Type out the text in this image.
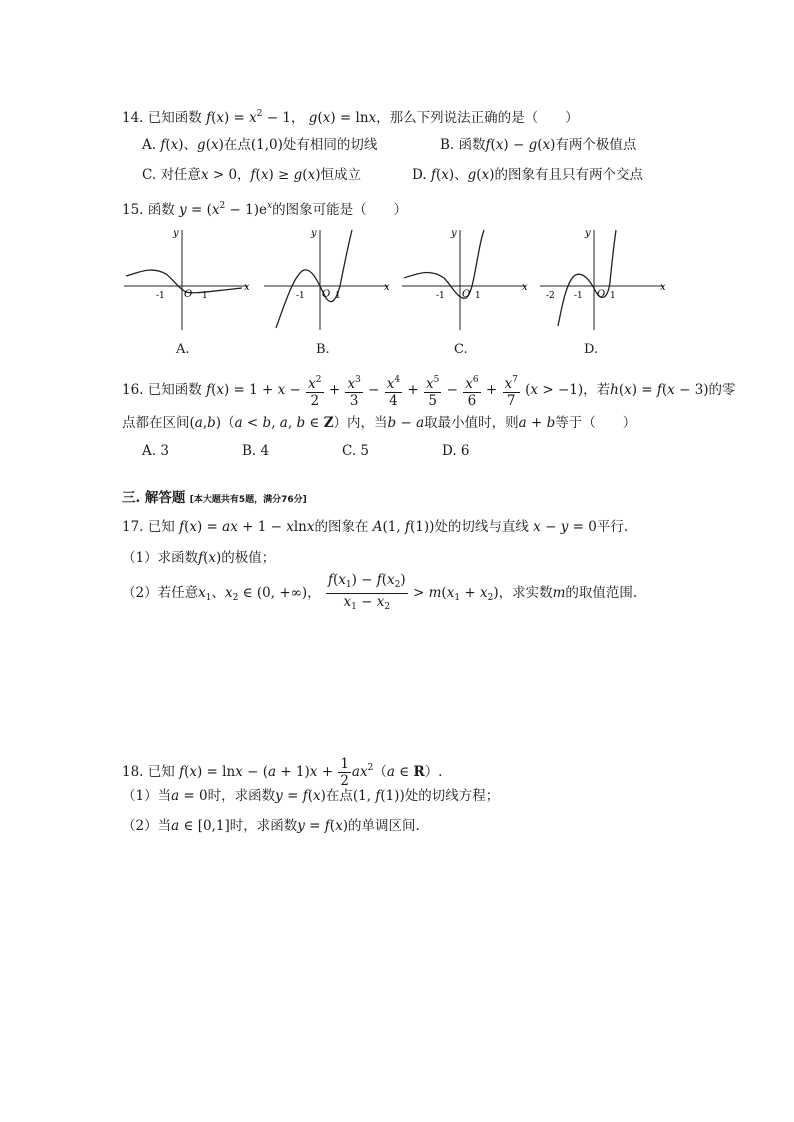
14. 已知函数 $f(x) = x^2 - 1$， g(x) = lnx，那么下列说法正确的是（　　）
A. f(x)、g(x)在点(1,0)处有相同的切线	B. 函数f(x) − g(x)有两个极值点
C. 对任意x > 0，f(x) ≥ g(x)恒成立	D. f(x)、g(x)的图象有且只有两个交点
15. 函数 $y = (x^2 - 1)e^x$的图象可能是（　　）
x
y
-1 O 1
A.
x
y
-1 O 1
B.
x
y
-1 O 1
C.
x
y
-2 -1 O 1
D.
16. 已知函数 $f(x) = 1 + x - \frac{x^2}{2} + \frac{x^3}{3} - \frac{x^4}{4} + \frac{x^5}{5} - \frac{x^6}{6} + \frac{x^7}{7} (x > -1)$，若h(x) = f(x − 3)的零
点都在区间(a,b)（a < b, a, b ∈ Z）内，当b − a取最小值时，则a + b等于（　　）
A. 3	B. 4	C. 5	D. 6
三. 解答题 [本大题共有5题，满分76分]
17. 已知 f(x) = ax + 1 − xlnx的图象在 A(1, f(1))处的切线与直线 x − y = 0平行.
（1）求函数f(x)的极值；
（2）若任意$x_1$、$x_2$ ∈ (0, +∞)， $\frac{f(x_1) - f(x_2)}{x_1 - x_2} > m(x_1 + x_2)$，求实数m的取值范围.
18. 已知 $f(x) = \ln x - (a + 1)x + \frac{1}{2} ax^2(a$ ∈ R）.
（1）当a = 0时，求函数y = f(x)在点(1, f(1))处的切线方程；
（2）当a ∈ [0,1]时，求函数y = f(x)的单调区间.
